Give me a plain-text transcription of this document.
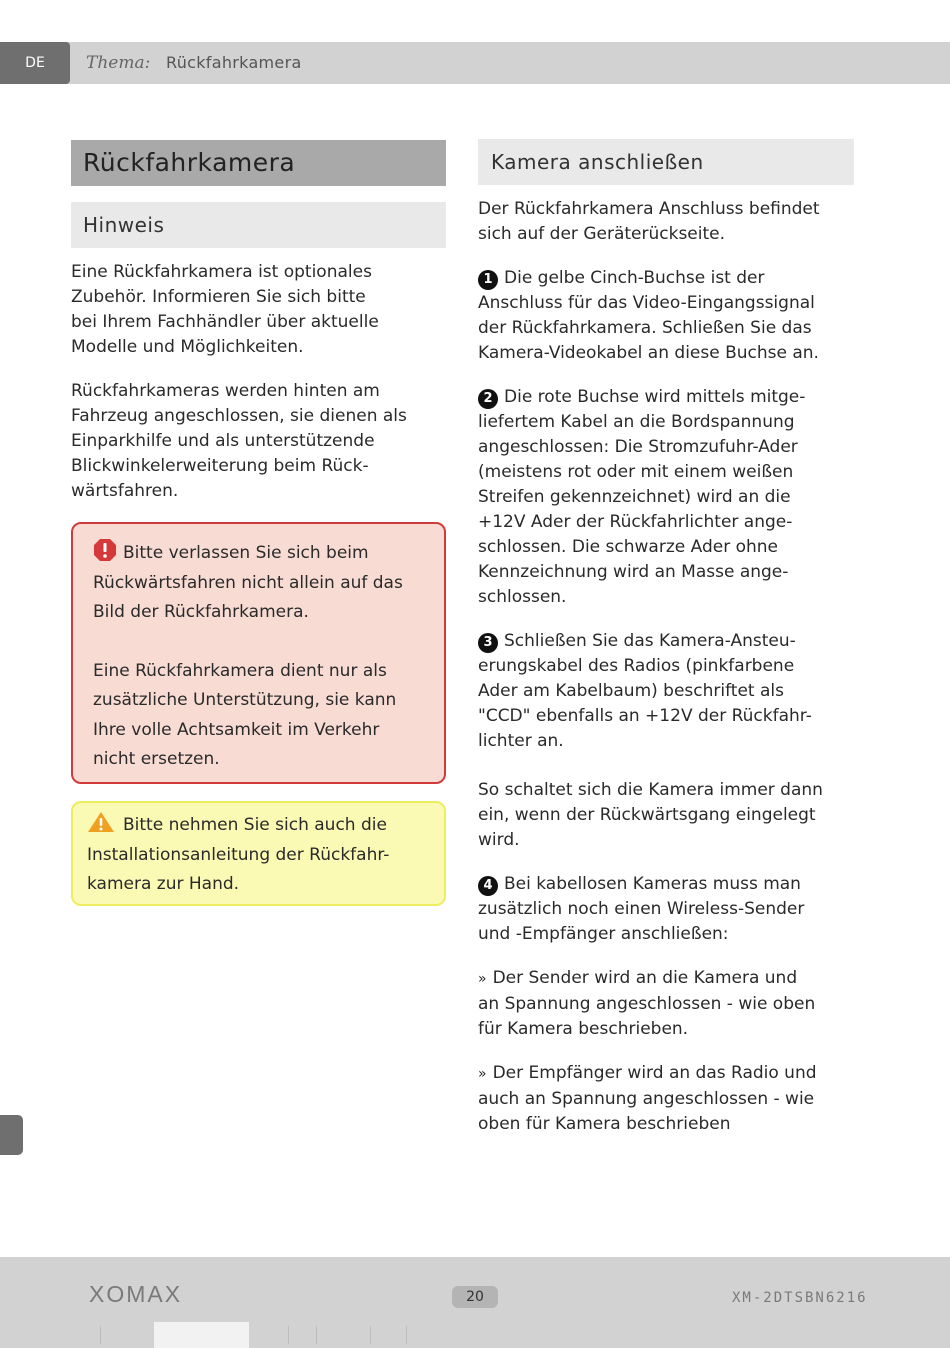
DE	Thema: Rückfahrkamera
Rückfahrkamera
Hinweis

Eine Rückfahrkamera ist optionales
Zubehör. Informieren Sie sich bitte
bei Ihrem Fachhändler über aktuelle
Modelle und Möglichkeiten.

Rückfahrkameras werden hinten am
Fahrzeug angeschlossen, sie dienen als
Einparkhilfe und als unterstützende
Blickwinkelerweiterung beim Rück-
wärtsfahren.

Bitte verlassen Sie sich beim
Rückwärtsfahren nicht allein auf das
Bild der Rückfahrkamera.

Eine Rückfahrkamera dient nur als
zusätzliche Unterstützung, sie kann
Ihre volle Achtsamkeit im Verkehr
nicht ersetzen.

Bitte nehmen Sie sich auch die
Installationsanleitung der Rückfahr-
kamera zur Hand.

Kamera anschließen

Der Rückfahrkamera Anschluss befindet
sich auf der Geräterückseite.

1 Die gelbe Cinch-Buchse ist der
Anschluss für das Video-Eingangssignal
der Rückfahrkamera. Schließen Sie das
Kamera-Videokabel an diese Buchse an.

2 Die rote Buchse wird mittels mitge-
liefertem Kabel an die Bordspannung
angeschlossen: Die Stromzufuhr-Ader
(meistens rot oder mit einem weißen
Streifen gekennzeichnet) wird an die
+12V Ader der Rückfahrlichter ange-
schlossen. Die schwarze Ader ohne
Kennzeichnung wird an Masse ange-
schlossen.

3 Schließen Sie das Kamera-Ansteu-
erungskabel des Radios (pinkfarbene
Ader am Kabelbaum) beschriftet als
"CCD" ebenfalls an +12V der Rückfahr-
lichter an.

So schaltet sich die Kamera immer dann
ein, wenn der Rückwärtsgang eingelegt
wird.

4 Bei kabellosen Kameras muss man
zusätzlich noch einen Wireless-Sender
und -Empfänger anschließen:

» Der Sender wird an die Kamera und
an Spannung angeschlossen - wie oben
für Kamera beschrieben.

» Der Empfänger wird an das Radio und
auch an Spannung angeschlossen - wie
oben für Kamera beschrieben

XOMAX	20	XM-2DTSBN6216
